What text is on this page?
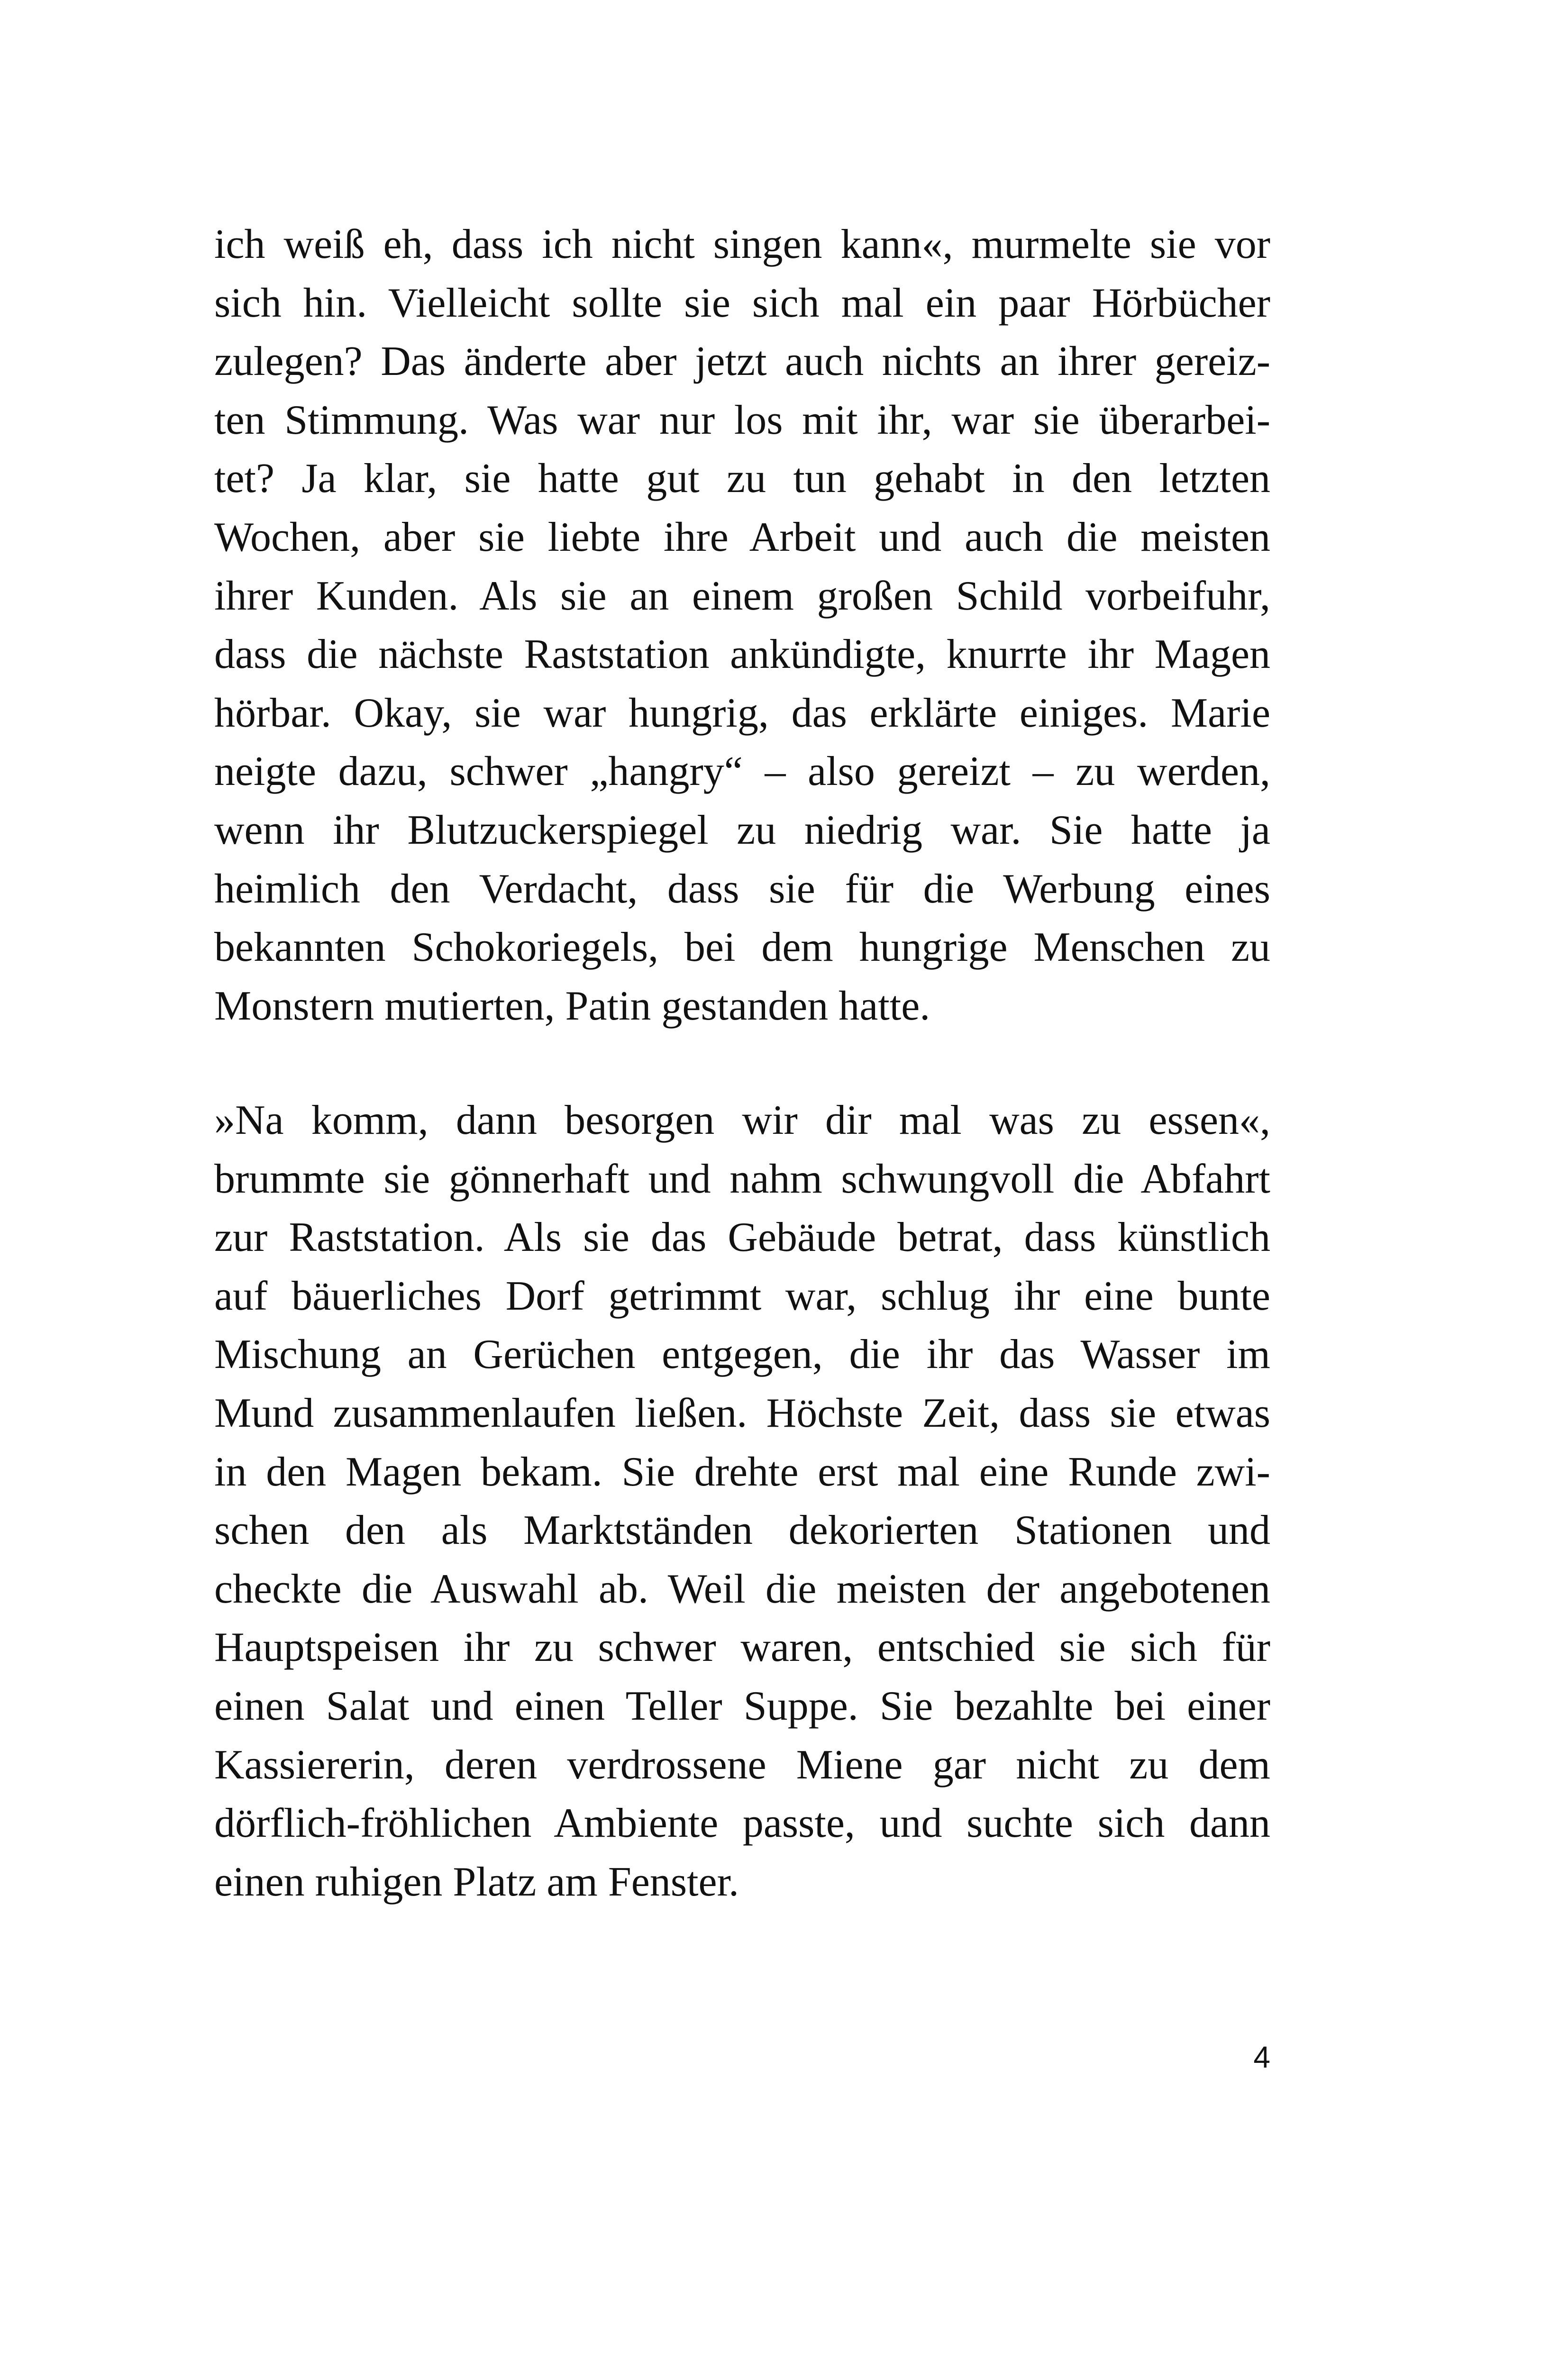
ich weiß eh, dass ich nicht singen kann«, murmelte sie vor
sich hin. Vielleicht sollte sie sich mal ein paar Hörbücher
zulegen? Das änderte aber jetzt auch nichts an ihrer gereiz-
ten Stimmung. Was war nur los mit ihr, war sie überarbei-
tet? Ja klar, sie hatte gut zu tun gehabt in den letzten
Wochen, aber sie liebte ihre Arbeit und auch die meisten
ihrer Kunden. Als sie an einem großen Schild vorbeifuhr,
dass die nächste Raststation ankündigte, knurrte ihr Magen
hörbar. Okay, sie war hungrig, das erklärte einiges. Marie
neigte dazu, schwer „hangry“ – also gereizt – zu werden,
wenn ihr Blutzuckerspiegel zu niedrig war. Sie hatte ja
heimlich den Verdacht, dass sie für die Werbung eines
bekannten Schokoriegels, bei dem hungrige Menschen zu
Monstern mutierten, Patin gestanden hatte.
»Na komm, dann besorgen wir dir mal was zu essen«,
brummte sie gönnerhaft und nahm schwungvoll die Abfahrt
zur Raststation. Als sie das Gebäude betrat, dass künstlich
auf bäuerliches Dorf getrimmt war, schlug ihr eine bunte
Mischung an Gerüchen entgegen, die ihr das Wasser im
Mund zusammenlaufen ließen. Höchste Zeit, dass sie etwas
in den Magen bekam. Sie drehte erst mal eine Runde zwi-
schen den als Marktständen dekorierten Stationen und
checkte die Auswahl ab. Weil die meisten der angebotenen
Hauptspeisen ihr zu schwer waren, entschied sie sich für
einen Salat und einen Teller Suppe. Sie bezahlte bei einer
Kassiererin, deren verdrossene Miene gar nicht zu dem
dörflich-fröhlichen Ambiente passte, und suchte sich dann
einen ruhigen Platz am Fenster.
4
